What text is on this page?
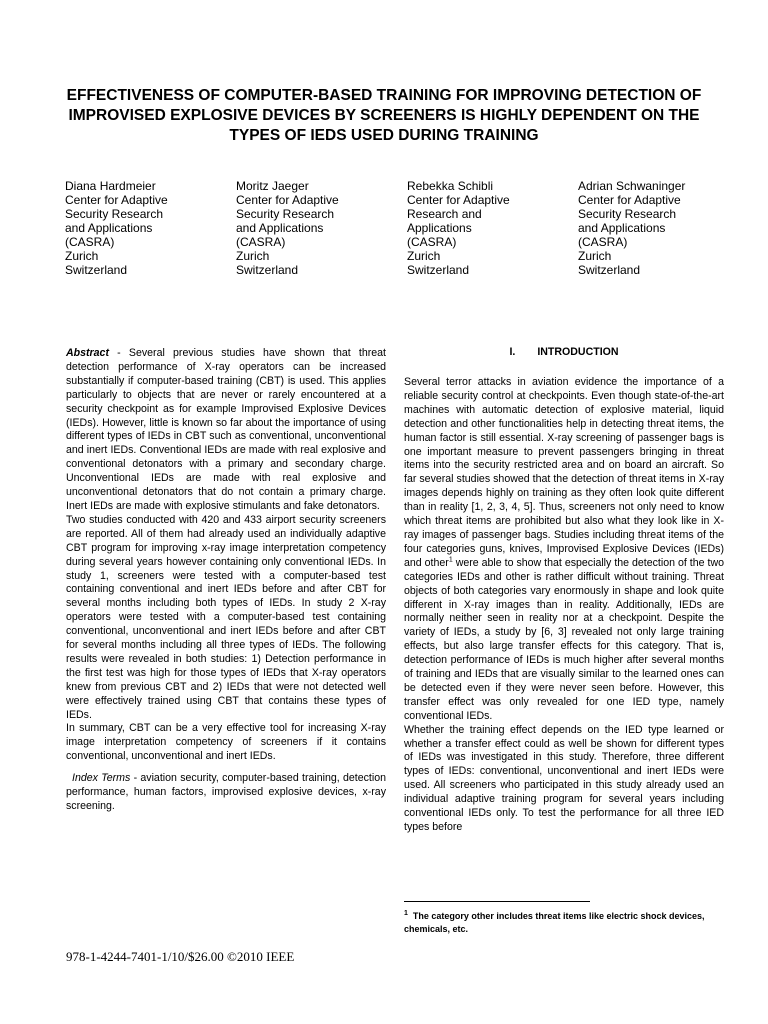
EFFECTIVENESS OF COMPUTER-BASED TRAINING FOR IMPROVING DETECTION OF IMPROVISED EXPLOSIVE DEVICES BY SCREENERS IS HIGHLY DEPENDENT ON THE TYPES OF IEDS USED DURING TRAINING
Diana Hardmeier
Center for Adaptive
Security Research
and Applications
(CASRA)
Zurich
Switzerland
Moritz Jaeger
Center for Adaptive
Security Research
and Applications
(CASRA)
Zurich
Switzerland
Rebekka Schibli
Center for Adaptive
Research and
Applications
(CASRA)
Zurich
Switzerland
Adrian Schwaninger
Center for Adaptive
Security Research
and Applications
(CASRA)
Zurich
Switzerland

Abstract - Several previous studies have shown that threat detection performance of X-ray operators can be increased substantially if computer-based training (CBT) is used. This applies particularly to objects that are never or rarely encountered at a security checkpoint as for example Improvised Explosive Devices (IEDs). However, little is known so far about the importance of using different types of IEDs in CBT such as conventional, unconventional and inert IEDs. Conventional IEDs are made with real explosive and conventional detonators with a primary and secondary charge. Unconventional IEDs are made with real explosive and unconventional detonators that do not contain a primary charge. Inert IEDs are made with explosive stimulants and fake detonators.

Two studies conducted with 420 and 433 airport security screeners are reported. All of them had already used an individually adaptive CBT program for improving x-ray image interpretation competency during several years however containing only conventional IEDs. In study 1, screeners were tested with a computer-based test containing conventional and inert IEDs before and after CBT for several months including both types of IEDs. In study 2 X-ray operators were tested with a computer-based test containing conventional, unconventional and inert IEDs before and after CBT for several months including all three types of IEDs. The following results were revealed in both studies: 1) Detection performance in the first test was high for those types of IEDs that X-ray operators knew from previous CBT and 2) IEDs that were not detected well were effectively trained using CBT that contains these types of IEDs.

In summary, CBT can be a very effective tool for increasing X-ray image interpretation competency of screeners if it contains conventional, unconventional and inert IEDs.

Index Terms - aviation security, computer-based training, detection performance, human factors, improvised explosive devices, x-ray screening.

I. INTRODUCTION

Several terror attacks in aviation evidence the importance of a reliable security control at checkpoints. Even though state-of-the-art machines with automatic detection of explosive material, liquid detection and other functionalities help in detecting threat items, the human factor is still essential. X-ray screening of passenger bags is one important measure to prevent passengers bringing in threat items into the security restricted area and on board an aircraft. So far several studies showed that the detection of threat items in X-ray images depends highly on training as they often look quite different than in reality [1, 2, 3, 4, 5]. Thus, screeners not only need to know which threat items are prohibited but also what they look like in X-ray images of passenger bags. Studies including threat items of the four categories guns, knives, Improvised Explosive Devices (IEDs) and other$^1$ were able to show that especially the detection of the two categories IEDs and other is rather difficult without training. Threat objects of both categories vary enormously in shape and look quite different in X-ray images than in reality. Additionally, IEDs are normally neither seen in reality nor at a checkpoint. Despite the variety of IEDs, a study by [6, 3] revealed not only large training effects, but also large transfer effects for this category. That is, detection performance of IEDs is much higher after several months of training and IEDs that are visually similar to the learned ones can be detected even if they were never seen before. However, this transfer effect was only revealed for one IED type, namely conventional IEDs.

Whether the training effect depends on the IED type learned or whether a transfer effect could as well be shown for different types of IEDs was investigated in this study. Therefore, three different types of IEDs: conventional, unconventional and inert IEDs were used. All screeners who participated in this study already used an individual adaptive training program for several years including conventional IEDs only. To test the performance for all three IED types before

$^1$ The category other includes threat items like electric shock devices, chemicals, etc.
978-1-4244-7401-1/10/$26.00 ©2010 IEEE
